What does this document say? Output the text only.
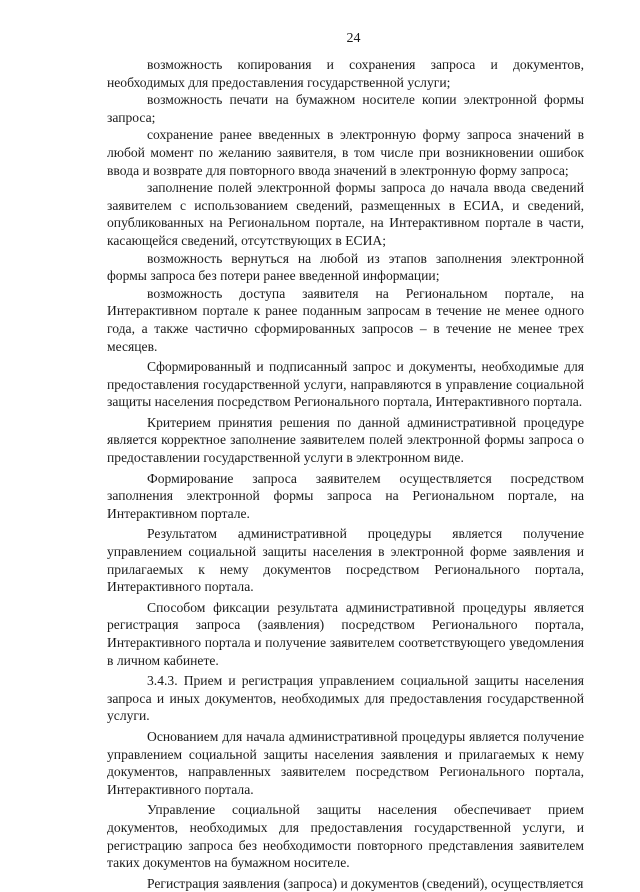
24

возможность копирования и сохранения запроса и документов, необходимых для предоставления государственной услуги;

возможность печати на бумажном носителе копии электронной формы запроса;

сохранение ранее введенных в электронную форму запроса значений в любой момент по желанию заявителя, в том числе при возникновении ошибок ввода и возврате для повторного ввода значений в электронную форму запроса;

заполнение полей электронной формы запроса до начала ввода сведений заявителем с использованием сведений, размещенных в ЕСИА, и сведений, опубликованных на Региональном портале, на Интерактивном портале в части, касающейся сведений, отсутствующих в ЕСИА;

возможность вернуться на любой из этапов заполнения электронной формы запроса без потери ранее введенной информации;

возможность доступа заявителя на Региональном портале, на Интерактивном портале к ранее поданным запросам в течение не менее одного года, а также частично сформированных запросов – в течение не менее трех месяцев.

Сформированный и подписанный запрос и документы, необходимые для предоставления государственной услуги, направляются в управление социальной защиты населения посредством Регионального портала, Интерактивного портала.

Критерием принятия решения по данной административной процедуре является корректное заполнение заявителем полей электронной формы запроса о предоставлении государственной услуги в электронном виде.

Формирование запроса заявителем осуществляется посредством заполнения электронной формы запроса на Региональном портале, на Интерактивном портале.

Результатом административной процедуры является получение управлением социальной защиты населения в электронной форме заявления и прилагаемых к нему документов посредством Регионального портала, Интерактивного портала.

Способом фиксации результата административной процедуры является регистрация запроса (заявления) посредством Регионального портала, Интерактивного портала и получение заявителем соответствующего уведомления в личном кабинете.

3.4.3. Прием и регистрация управлением социальной защиты населения запроса и иных документов, необходимых для предоставления государственной услуги.

Основанием для начала административной процедуры является получение управлением социальной защиты населения заявления и прилагаемых к нему документов, направленных заявителем посредством Регионального портала, Интерактивного портала.

Управление социальной защиты населения обеспечивает прием документов, необходимых для предоставления государственной услуги, и регистрацию запроса без необходимости повторного представления заявителем таких документов на бумажном носителе.

Регистрация заявления (запроса) и документов (сведений), осуществляется
